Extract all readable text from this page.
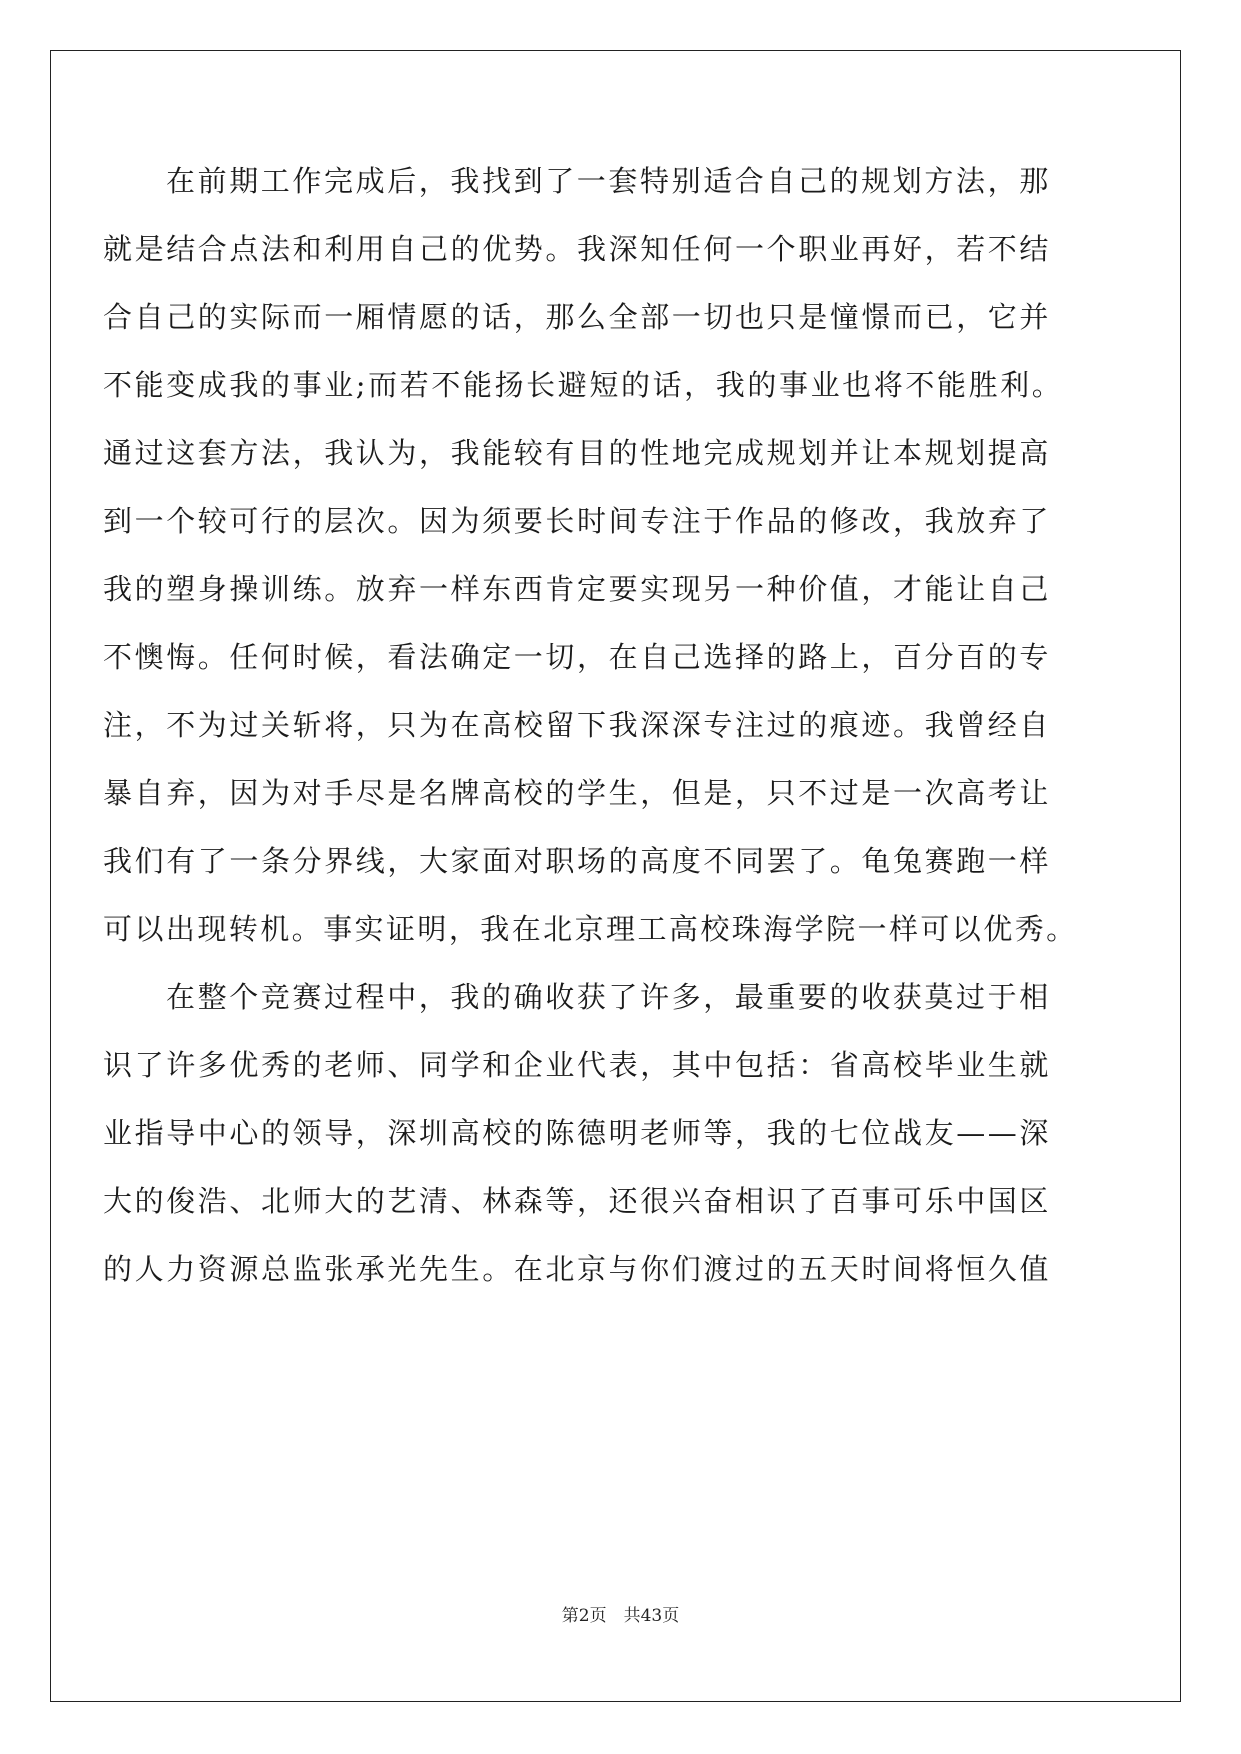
在前期工作完成后，我找到了一套特别适合自己的规划方法，那
就是结合点法和利用自己的优势。我深知任何一个职业再好，若不结
合自己的实际而一厢情愿的话，那么全部一切也只是憧憬而已，它并
不能变成我的事业;而若不能扬长避短的话，我的事业也将不能胜利。
通过这套方法，我认为，我能较有目的性地完成规划并让本规划提高
到一个较可行的层次。因为须要长时间专注于作品的修改，我放弃了
我的塑身操训练。放弃一样东西肯定要实现另一种价值，才能让自己
不懊悔。任何时候，看法确定一切，在自己选择的路上，百分百的专
注，不为过关斩将，只为在高校留下我深深专注过的痕迹。我曾经自
暴自弃，因为对手尽是名牌高校的学生，但是，只不过是一次高考让
我们有了一条分界线，大家面对职场的高度不同罢了。龟兔赛跑一样
可以出现转机。事实证明，我在北京理工高校珠海学院一样可以优秀。
在整个竞赛过程中，我的确收获了许多，最重要的收获莫过于相
识了许多优秀的老师、同学和企业代表，其中包括：省高校毕业生就
业指导中心的领导，深圳高校的陈德明老师等，我的七位战友——深
大的俊浩、北师大的艺清、林森等，还很兴奋相识了百事可乐中国区
的人力资源总监张承光先生。在北京与你们渡过的五天时间将恒久值
第2页　共43页
